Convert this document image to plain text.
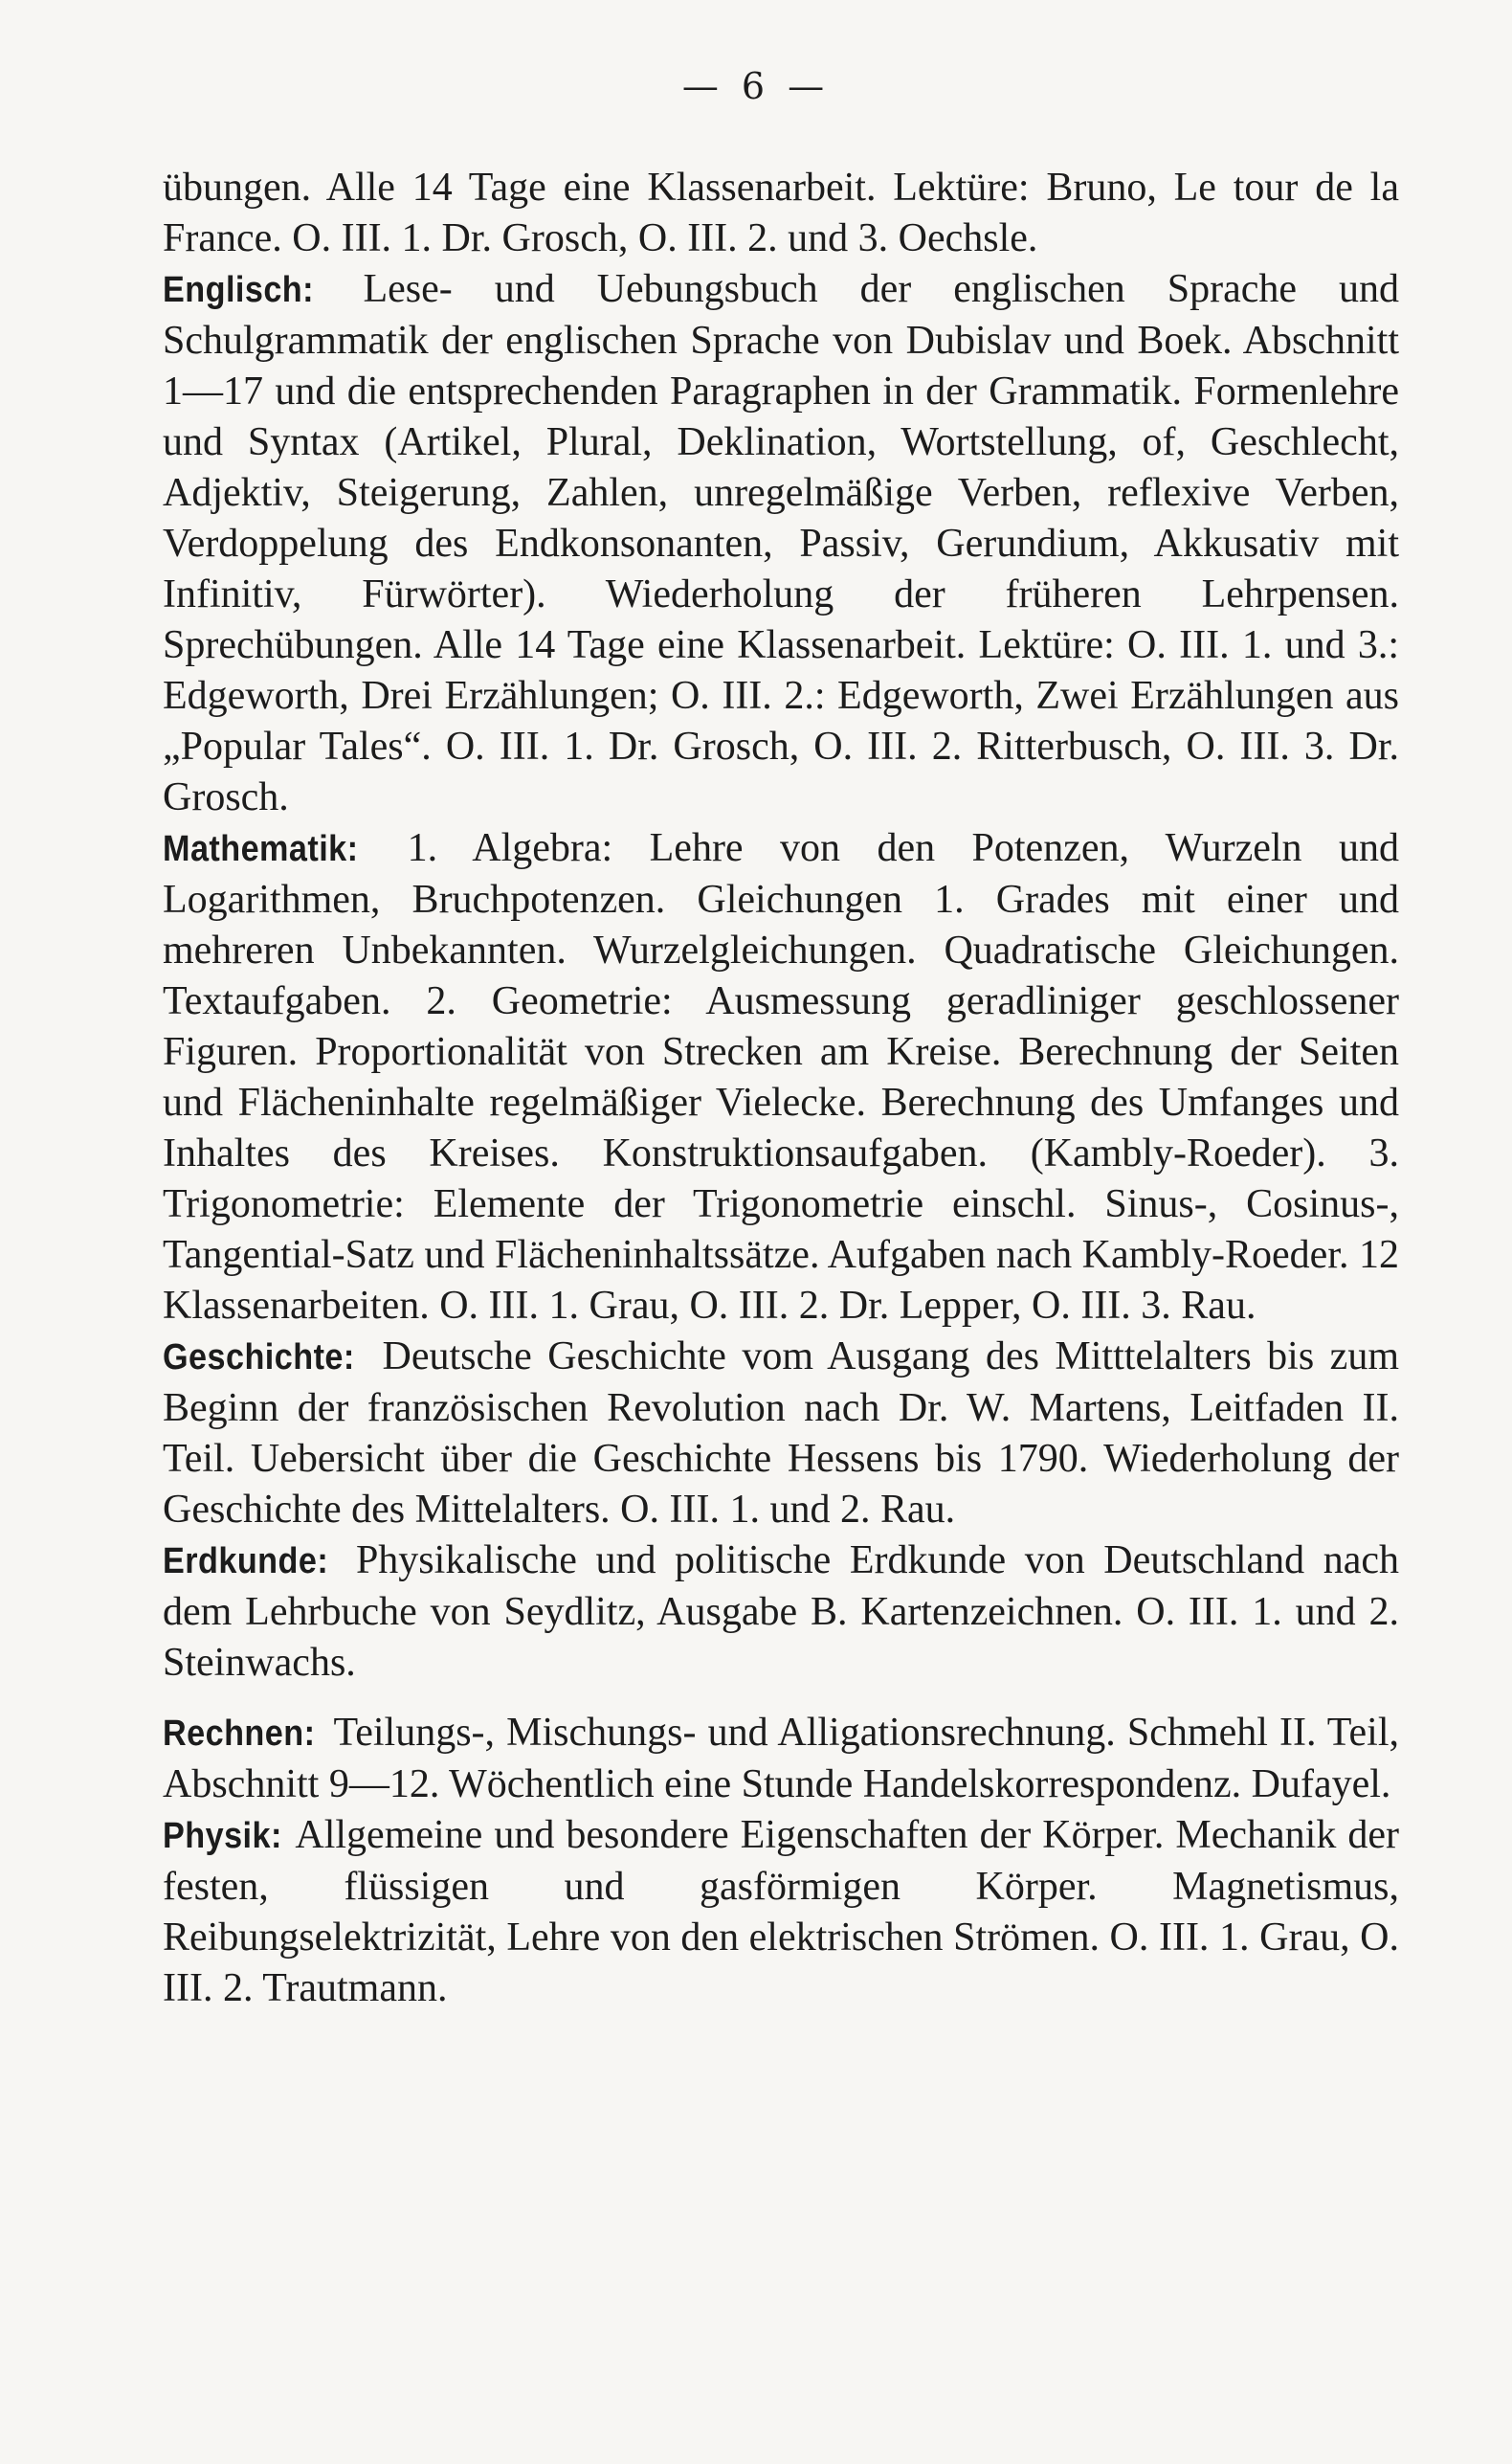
— 6 —

übungen. Alle 14 Tage eine Klassenarbeit. Lektüre: Bruno, Le tour de la France. O. III. 1. Dr. Grosch, O. III. 2. und 3. Oechsle.

Englisch: Lese- und Uebungsbuch der englischen Sprache und Schulgrammatik der englischen Sprache von Dubislav und Boek. Abschnitt 1—17 und die entsprechenden Paragraphen in der Grammatik. Formenlehre und Syntax (Artikel, Plural, Deklination, Wortstellung, of, Geschlecht, Adjektiv, Steigerung, Zahlen, unregelmäßige Verben, reflexive Verben, Verdoppelung des Endkonsonanten, Passiv, Gerundium, Akkusativ mit Infinitiv, Fürwörter). Wiederholung der früheren Lehrpensen. Sprechübungen. Alle 14 Tage eine Klassenarbeit. Lektüre: O. III. 1. und 3.: Edgeworth, Drei Erzählungen; O. III. 2.: Edgeworth, Zwei Erzählungen aus „Popular Tales“. O. III. 1. Dr. Grosch, O. III. 2. Ritterbusch, O. III. 3. Dr. Grosch.

Mathematik: 1. Algebra: Lehre von den Potenzen, Wurzeln und Logarithmen, Bruchpotenzen. Gleichungen 1. Grades mit einer und mehreren Unbekannten. Wurzelgleichungen. Quadratische Gleichungen. Textaufgaben. 2. Geometrie: Ausmessung geradliniger geschlossener Figuren. Proportionalität von Strecken am Kreise. Berechnung der Seiten und Flächeninhalte regelmäßiger Vielecke. Berechnung des Umfanges und Inhaltes des Kreises. Konstruktionsaufgaben. (Kambly-Roeder). 3. Trigonometrie: Elemente der Trigonometrie einschl. Sinus-, Cosinus-, Tangential-Satz und Flächeninhaltssätze. Aufgaben nach Kambly-Roeder. 12 Klassenarbeiten. O. III. 1. Grau, O. III. 2. Dr. Lepper, O. III. 3. Rau.

Geschichte: Deutsche Geschichte vom Ausgang des Mitttelalters bis zum Beginn der französischen Revolution nach Dr. W. Martens, Leitfaden II. Teil. Uebersicht über die Geschichte Hessens bis 1790. Wiederholung der Geschichte des Mittelalters. O. III. 1. und 2. Rau.

Erdkunde: Physikalische und politische Erdkunde von Deutschland nach dem Lehrbuche von Seydlitz, Ausgabe B. Kartenzeichnen. O. III. 1. und 2. Steinwachs.

Rechnen: Teilungs-, Mischungs- und Alligationsrechnung. Schmehl II. Teil, Abschnitt 9—12. Wöchentlich eine Stunde Handelskorrespondenz. Dufayel.

Physik: Allgemeine und besondere Eigenschaften der Körper. Mechanik der festen, flüssigen und gasförmigen Körper. Magnetismus, Reibungselektrizität, Lehre von den elektrischen Strömen. O. III. 1. Grau, O. III. 2. Trautmann.
